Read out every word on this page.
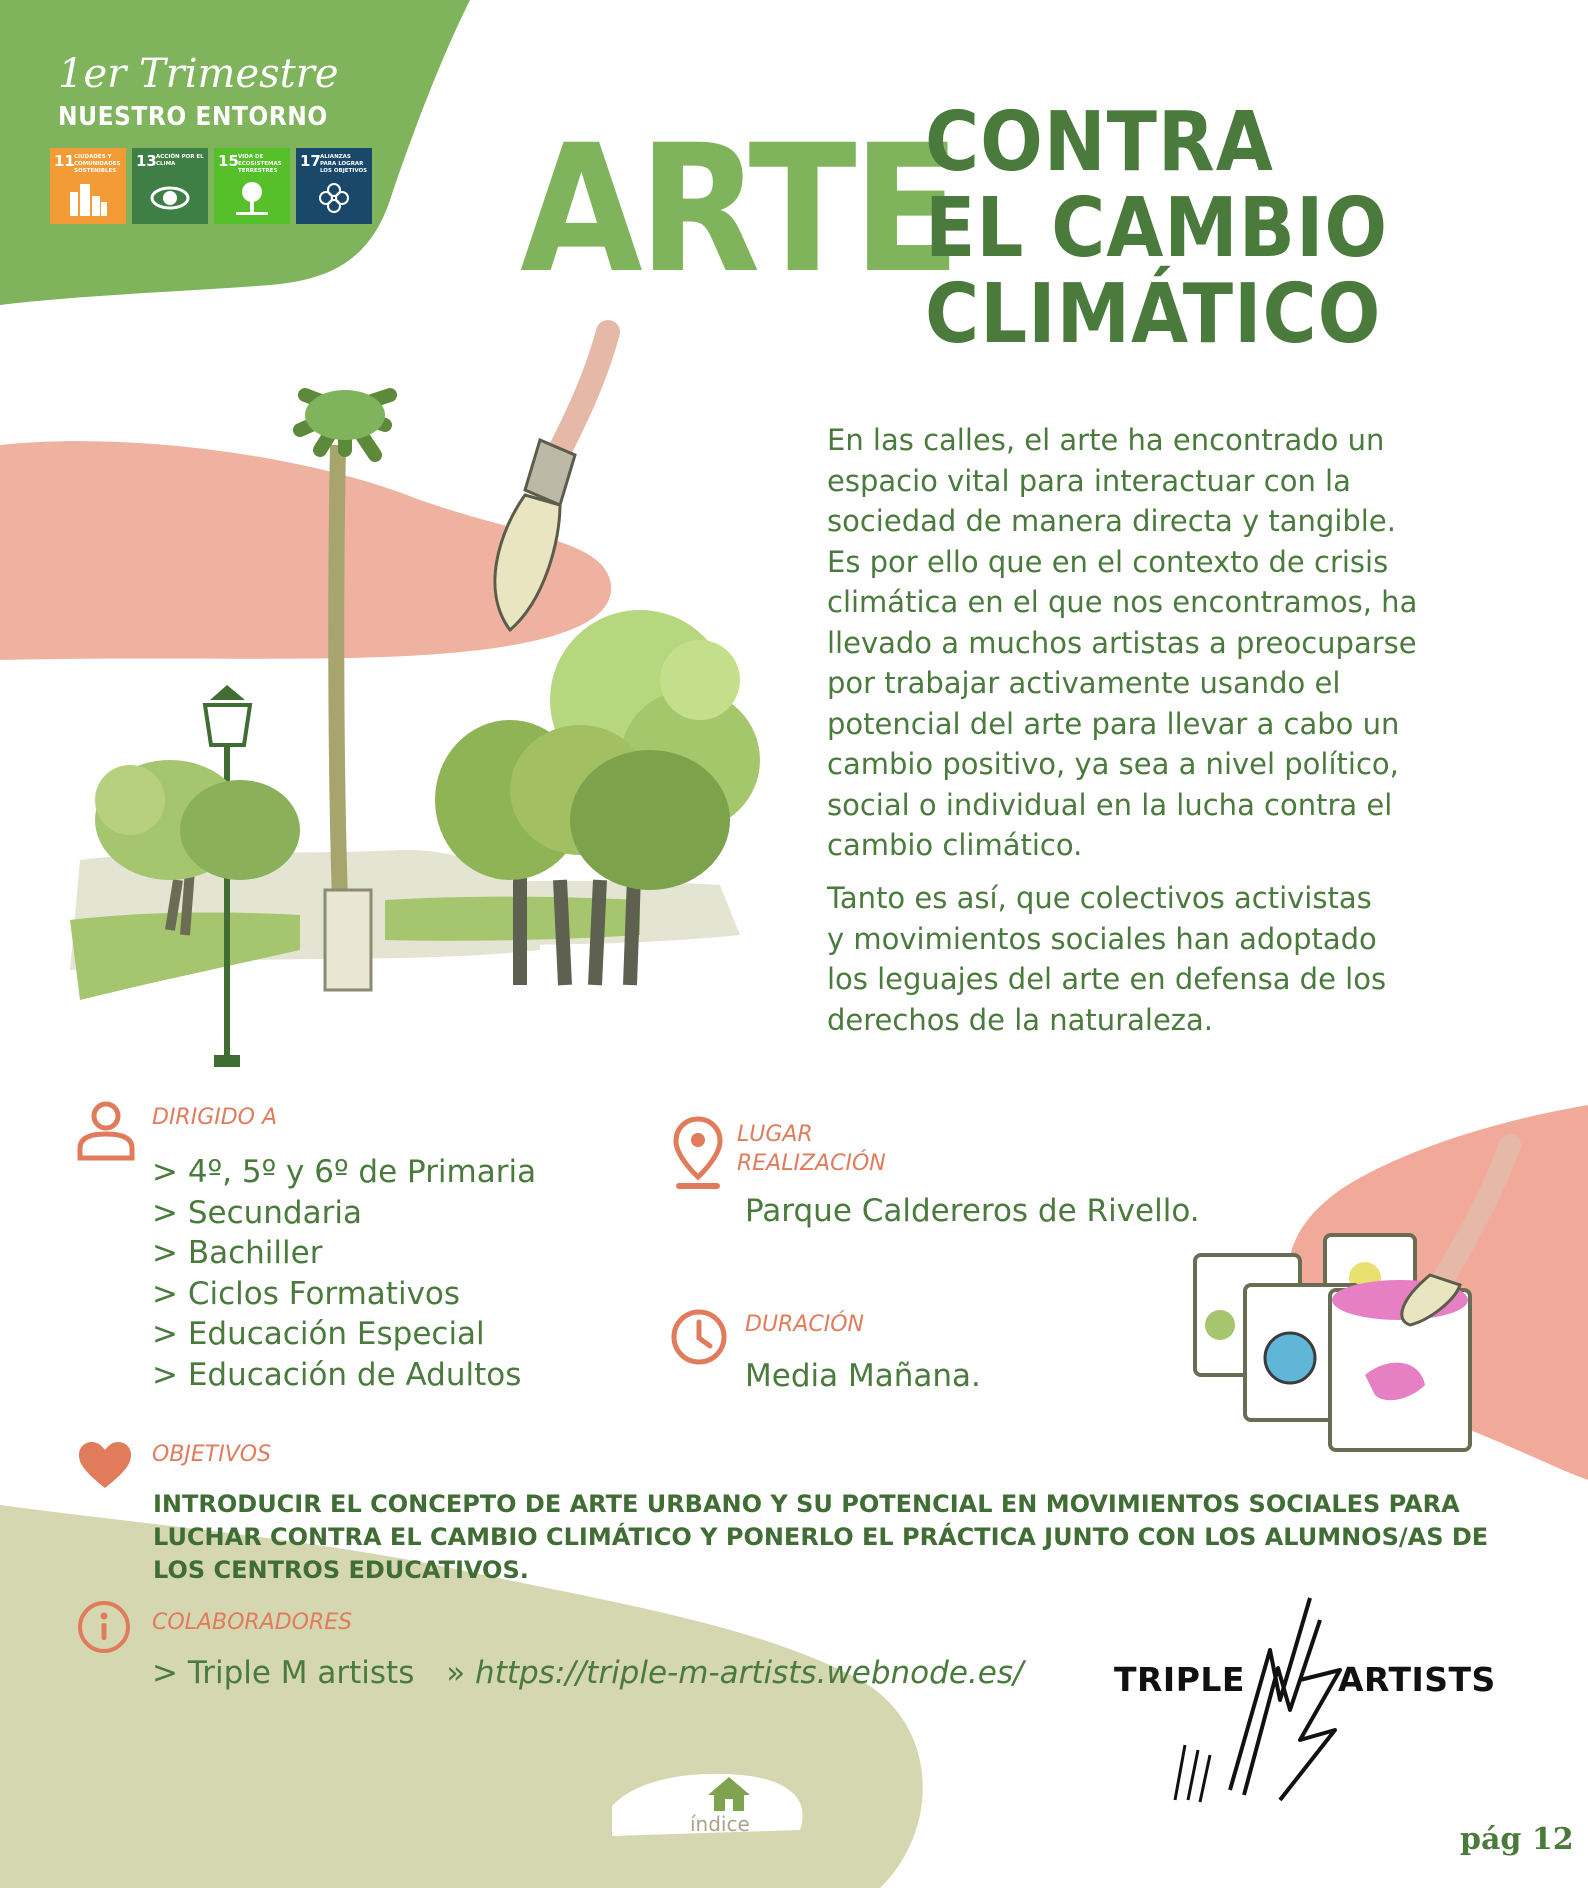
1er Trimestre
NUESTRO ENTORNO
11 CIUDADES Y COMUNIDADES SOSTENIBLES
13 ACCIÓN POR EL CLIMA	15 VIDA DE ECOSISTEMAS TERRESTRES
17 ALIANZAS PARA LOGRAR LOS OBJETIVOS ARTE
CONTRA
EL CAMBIO
CLIMÁTICO
En las calles, el arte ha encontrado un
espacio vital para interactuar con la
sociedad de manera directa y tangible.
Es por ello que en el contexto de crisis
climática en el que nos encontramos, ha
llevado a muchos artistas a preocuparse
por trabajar activamente usando el
potencial del arte para llevar a cabo un
cambio positivo, ya sea a nivel político,
social o individual en la lucha contra el
cambio climático.
Tanto es así, que colectivos activistas
y movimientos sociales han adoptado
los leguajes del arte en defensa de los
derechos de la naturaleza.
DIRIGIDO A
> 4º, 5º y 6º de Primaria
> Secundaria
> Bachiller
> Ciclos Formativos
> Educación Especial
> Educación de Adultos
LUGAR
REALIZACIÓN
Parque Caldereros de Rivello.
DURACIÓN
Media Mañana.
OBJETIVOS
INTRODUCIR EL CONCEPTO DE ARTE URBANO Y SU POTENCIAL EN MOVIMIENTOS SOCIALES PARA
LUCHAR CONTRA EL CAMBIO CLIMÁTICO Y PONERLO EL PRÁCTICA JUNTO CON LOS ALUMNOS/AS DE
LOS CENTROS EDUCATIVOS.
COLABORADORES
> Triple M artists » https://triple-m-artists.webnode.es/	TRIPLE	ARTISTS
índice	pág 12
